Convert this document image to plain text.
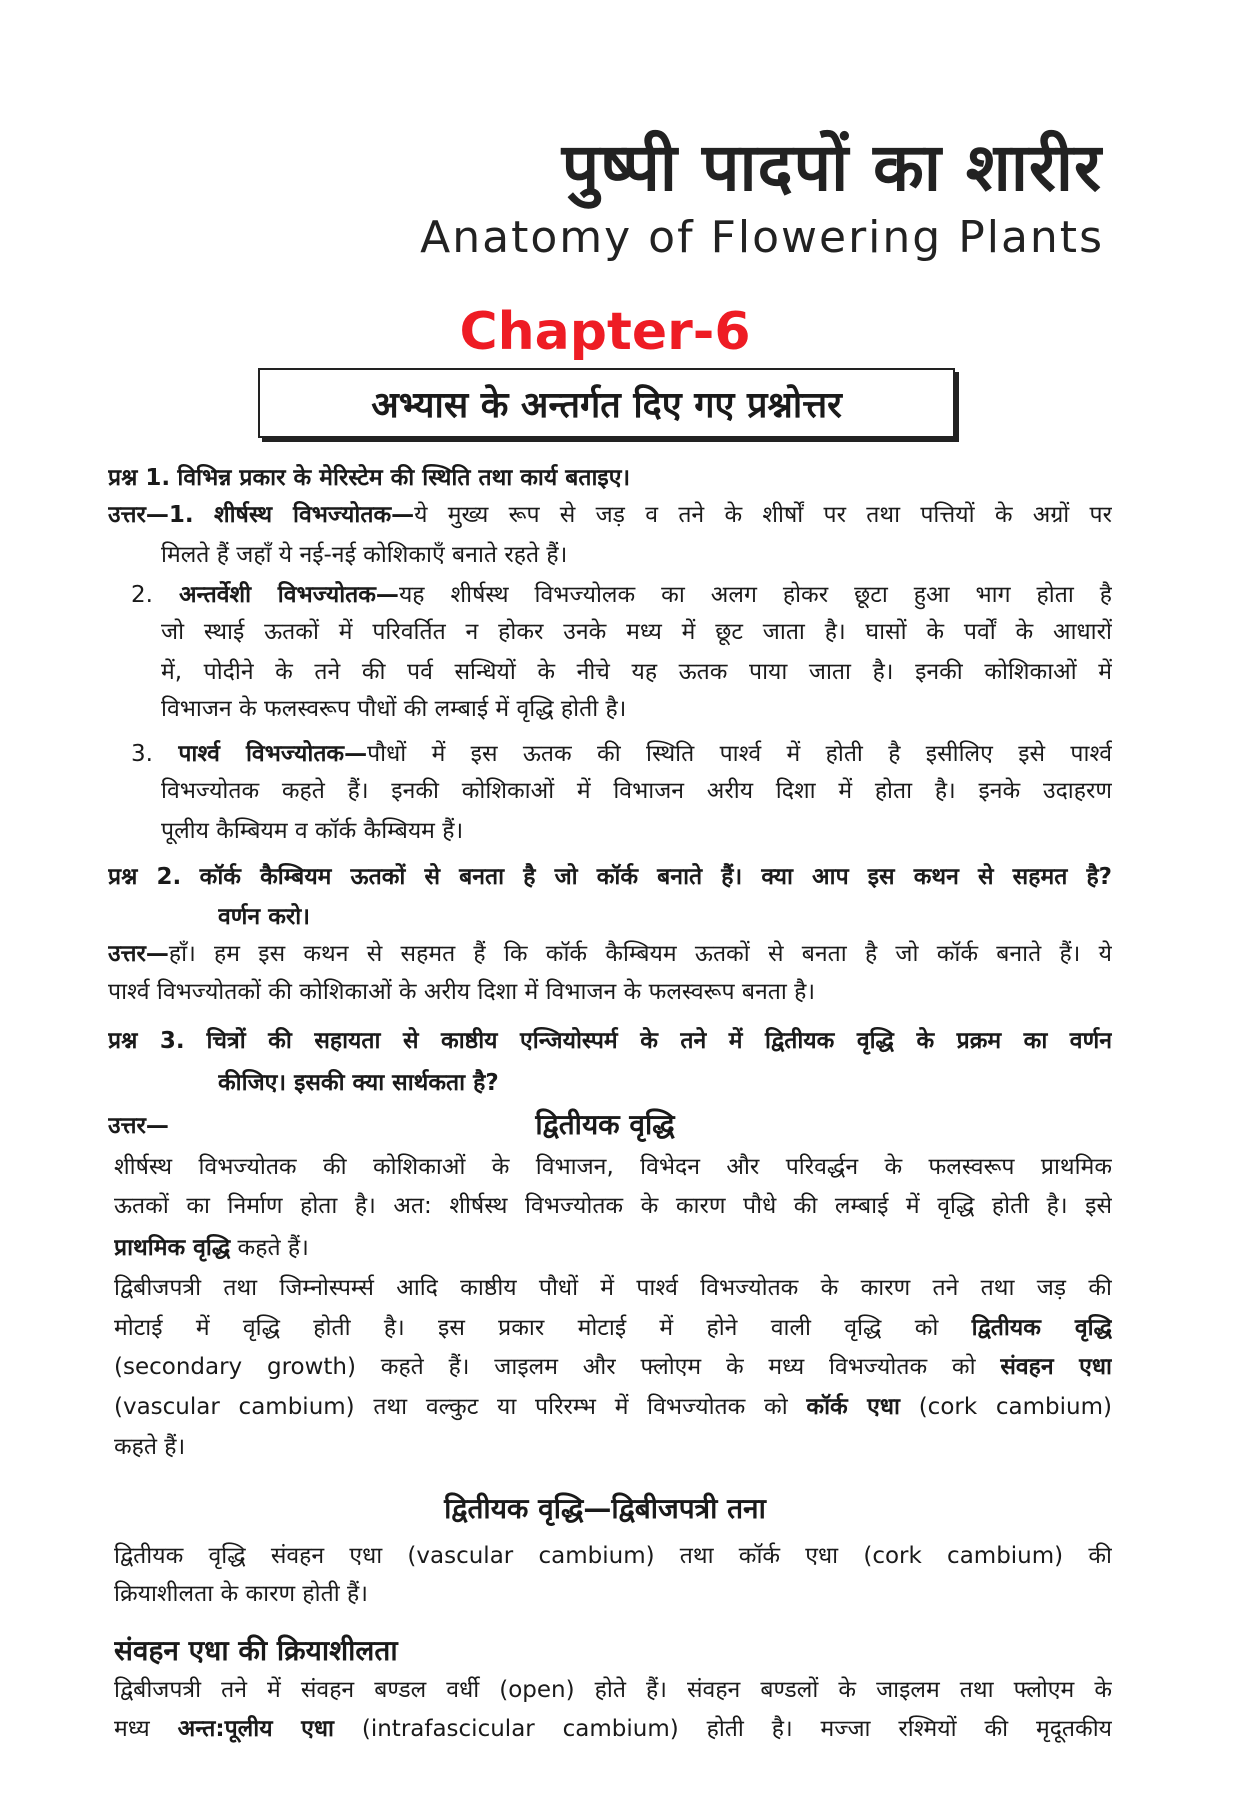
पुष्पी पादपों का शारीर
Anatomy of Flowering Plants
Chapter-6
अभ्यास के अन्तर्गत दिए गए प्रश्नोत्तर
प्रश्न 1. विभिन्न प्रकार के मेरिस्टेम की स्थिति तथा कार्य बताइए।
उत्तर—1. शीर्षस्थ विभज्योतक—ये मुख्य रूप से जड़ व तने के शीर्षों पर तथा पत्तियों के अग्रों पर
मिलते हैं जहाँ ये नई-नई कोशिकाएँ बनाते रहते हैं।
2. अन्तर्वेशी विभज्योतक—यह शीर्षस्थ विभज्योलक का अलग होकर छूटा हुआ भाग होता है
जो स्थाई ऊतकों में परिवर्तित न होकर उनके मध्य में छूट जाता है। घासों के पर्वों के आधारों
में, पोदीने के तने की पर्व सन्धियों के नीचे यह ऊतक पाया जाता है। इनकी कोशिकाओं में
विभाजन के फलस्वरूप पौधों की लम्बाई में वृद्धि होती है।
3. पार्श्व विभज्योतक—पौधों में इस ऊतक की स्थिति पार्श्व में होती है इसीलिए इसे पार्श्व
विभज्योतक कहते हैं। इनकी कोशिकाओं में विभाजन अरीय दिशा में होता है। इनके उदाहरण
पूलीय कैम्बियम व कॉर्क कैम्बियम हैं।
प्रश्न 2. कॉर्क कैम्बियम ऊतकों से बनता है जो कॉर्क बनाते हैं। क्या आप इस कथन से सहमत है?
वर्णन करो।
उत्तर—हाँ। हम इस कथन से सहमत हैं कि कॉर्क कैम्बियम ऊतकों से बनता है जो कॉर्क बनाते हैं। ये
पार्श्व विभज्योतकों की कोशिकाओं के अरीय दिशा में विभाजन के फलस्वरूप बनता है।
प्रश्न 3. चित्रों की सहायता से काष्ठीय एन्जियोस्पर्म के तने में द्वितीयक वृद्धि के प्रक्रम का वर्णन
कीजिए। इसकी क्या सार्थकता है?
उत्तर—	द्वितीयक वृद्धि
शीर्षस्थ विभज्योतक की कोशिकाओं के विभाजन, विभेदन और परिवर्द्धन के फलस्वरूप प्राथमिक
ऊतकों का निर्माण होता है। अत: शीर्षस्थ विभज्योतक के कारण पौधे की लम्बाई में वृद्धि होती है। इसे
प्राथमिक वृद्धि कहते हैं।
द्विबीजपत्री तथा जिम्नोस्पर्म्स आदि काष्ठीय पौधों में पार्श्व विभज्योतक के कारण तने तथा जड़ की
मोटाई में वृद्धि होती है। इस प्रकार मोटाई में होने वाली वृद्धि को द्वितीयक वृद्धि
(secondary growth) कहते हैं। जाइलम और फ्लोएम के मध्य विभज्योतक को संवहन एधा
(vascular cambium) तथा वल्कुट या परिरम्भ में विभज्योतक को कॉर्क एधा (cork cambium)
कहते हैं।
द्वितीयक वृद्धि—द्विबीजपत्री तना
द्वितीयक वृद्धि संवहन एधा (vascular cambium) तथा कॉर्क एधा (cork cambium) की
क्रियाशीलता के कारण होती हैं।
संवहन एधा की क्रियाशीलता
द्विबीजपत्री तने में संवहन बण्डल वर्धी (open) होते हैं। संवहन बण्डलों के जाइलम तथा फ्लोएम के
मध्य अन्त:पूलीय एधा (intrafascicular cambium) होती है। मज्जा रश्मियों की मृदूतकीय
